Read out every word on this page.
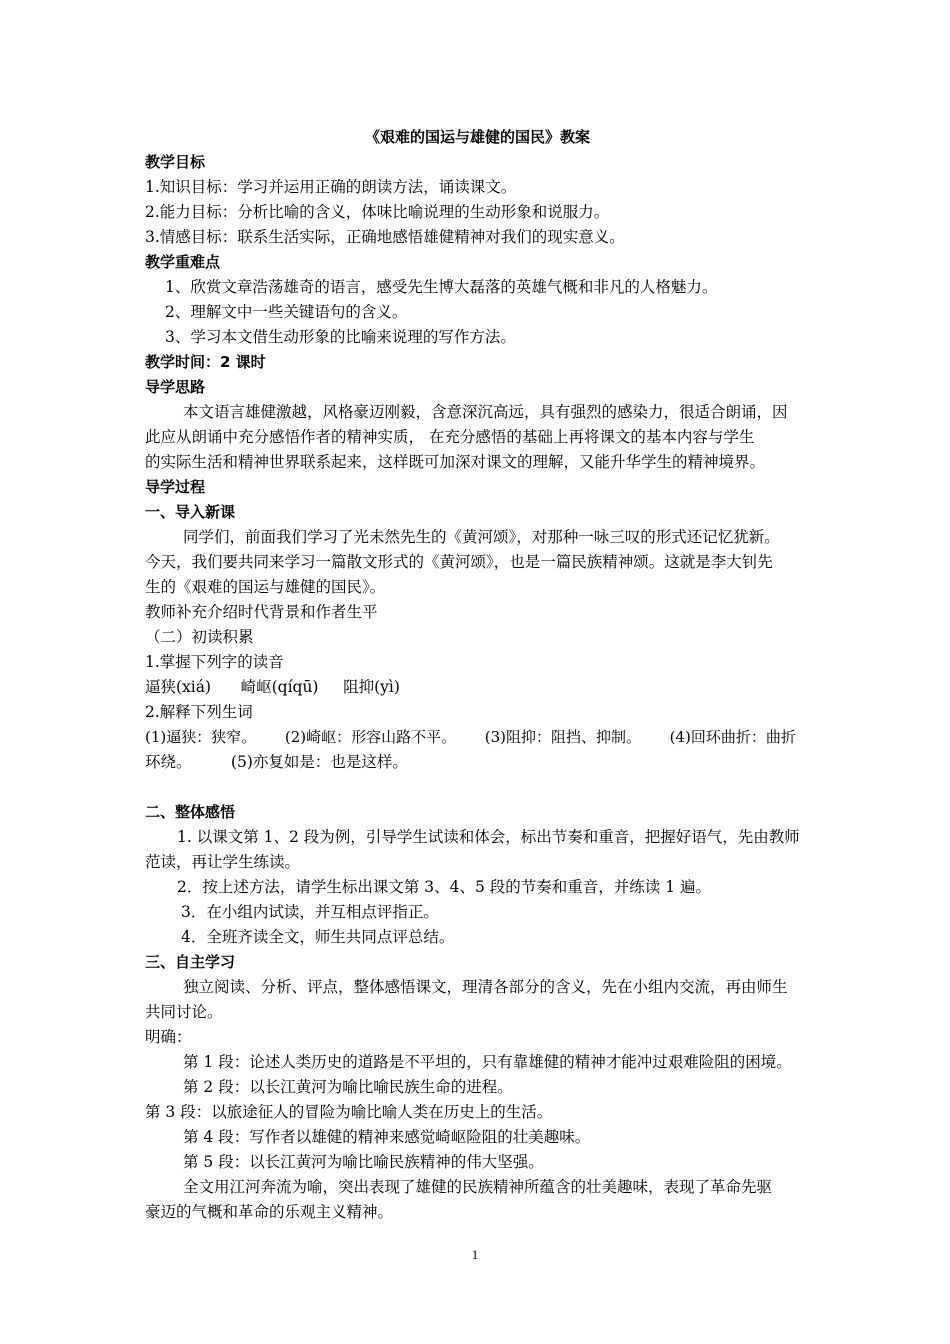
《艰难的国运与雄健的国民》教案
教学目标
1.知识目标：学习并运用正确的朗读方法，诵读课文。
2.能力目标：分析比喻的含义，体味比喻说理的生动形象和说服力。
3.情感目标：联系生活实际，正确地感悟雄健精神对我们的现实意义。
教学重难点
1、欣赏文章浩荡雄奇的语言，感受先生博大磊落的英雄气概和非凡的人格魅力。
2、理解文中一些关键语句的含义。
3、学习本文借生动形象的比喻来说理的写作方法。
教学时间：2 课时
导学思路
本文语言雄健激越，风格豪迈刚毅，含意深沉高远，具有强烈的感染力，很适合朗诵，因
此应从朗诵中充分感悟作者的精神实质， 在充分感悟的基础上再将课文的基本内容与学生
的实际生活和精神世界联系起来，这样既可加深对课文的理解，又能升华学生的精神境界。
导学过程
一、导入新课
同学们，前面我们学习了光未然先生的《黄河颂》，对那种一咏三叹的形式还记忆犹新。
今天，我们要共同来学习一篇散文形式的《黄河颂》，也是一篇民族精神颂。这就是李大钊先
生的《艰难的国运与雄健的国民》。
教师补充介绍时代背景和作者生平
（二）初读积累
1.掌握下列字的读音
逼狭(xiá)      崎岖(qíqū)     阻抑(yì)
2.解释下列生词
(1)逼狭：狭窄。      (2)崎岖：形容山路不平。      (3)阻抑：阻挡、抑制。      (4)回环曲折：曲折
环绕。        (5)亦复如是：也是这样。
二、整体感悟
1. 以课文第 1、2 段为例，引导学生试读和体会，标出节奏和重音，把握好语气，先由教师
范读，再让学生练读。
2．按上述方法，请学生标出课文第 3、4、5 段的节奏和重音，并练读 1 遍。
3．在小组内试读，并互相点评指正。
4．全班齐读全文，师生共同点评总结。
三、自主学习
独立阅读、分析、评点，整体感悟课文，理清各部分的含义，先在小组内交流，再由师生
共同讨论。
明确：
第 1 段：论述人类历史的道路是不平坦的，只有靠雄健的精神才能冲过艰难险阻的困境。
第 2 段：以长江黄河为喻比喻民族生命的进程。
第 3 段：以旅途征人的冒险为喻比喻人类在历史上的生活。
第 4 段：写作者以雄健的精神来感觉崎岖险阻的壮美趣味。
第 5 段：以长江黄河为喻比喻民族精神的伟大坚强。
全文用江河奔流为喻，突出表现了雄健的民族精神所蕴含的壮美趣味，表现了革命先驱
豪迈的气概和革命的乐观主义精神。
1
